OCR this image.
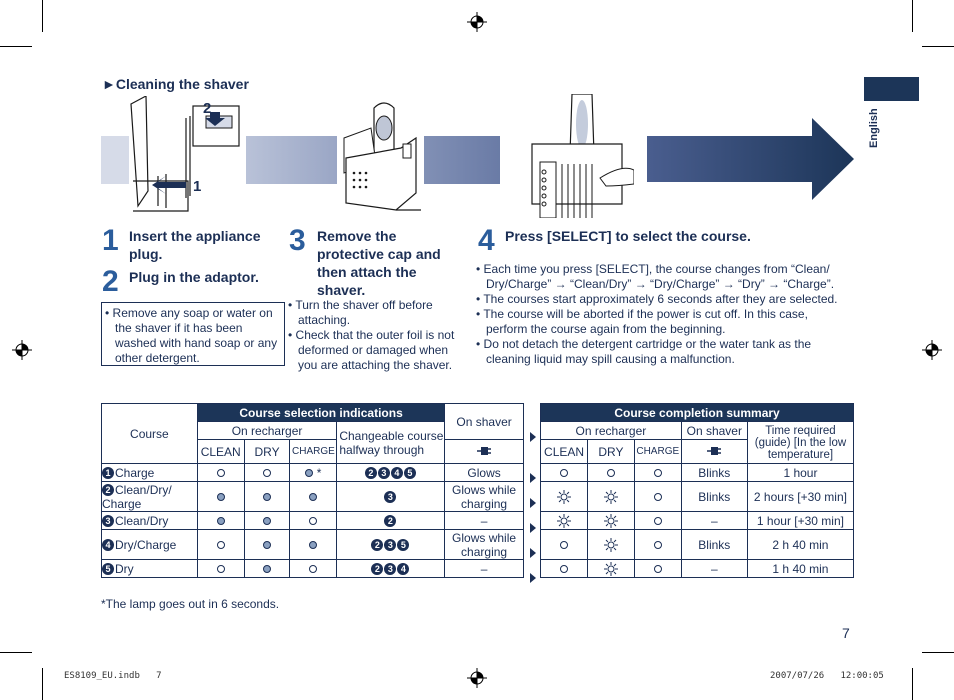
►Cleaning the shaver
English
2
1
1 Insert the appliance plug.
2 Plug in the adaptor.
3 Remove the protective cap and then attach the shaver.
4 Press [SELECT] to select the course.

• Remove any soap or water on the shaver if it has been washed with hand soap or any other detergent.

• Turn the shaver off before attaching.

• Check that the outer foil is not deformed or damaged when you are attaching the shaver.

• Each time you press [SELECT], the course changes from “Clean/ Dry/Charge” → “Clean/Dry” → “Dry/Charge” → “Dry” → “Charge”.

• The courses start approximately 6 seconds after they are selected.

• The course will be aborted if the power is cut off. In this case, perform the course again from the beginning.

• Do not detach the detergent cartridge or the water tank as the cleaning liquid may spill causing a malfunction.

Course	Course selection indications				On shaver		Course completion summary				
	On recharger			Changeable course halfway through			On recharger			On shaver	Time required (guide) [In the low temperature]
	CLEAN	DRY	CHARGE				CLEAN	DRY	CHARGE	
1 Charge			*	2 3 4 5	Glows					Blinks	1 hour
2 Clean/Dry/ Charge				3	Glows while charging					Blinks	2 hours [+30 min]
3 Clean/Dry				2	–					–	1 hour [+30 min]
4 Dry/Charge				2 3 5	Glows while charging					Blinks	2 h 40 min
5 Dry				2 3 4	–					–	1 h 40 min
*The lamp goes out in 6 seconds.
7
ES8109_EU.indb   7	2007/07/26   12:00:05
